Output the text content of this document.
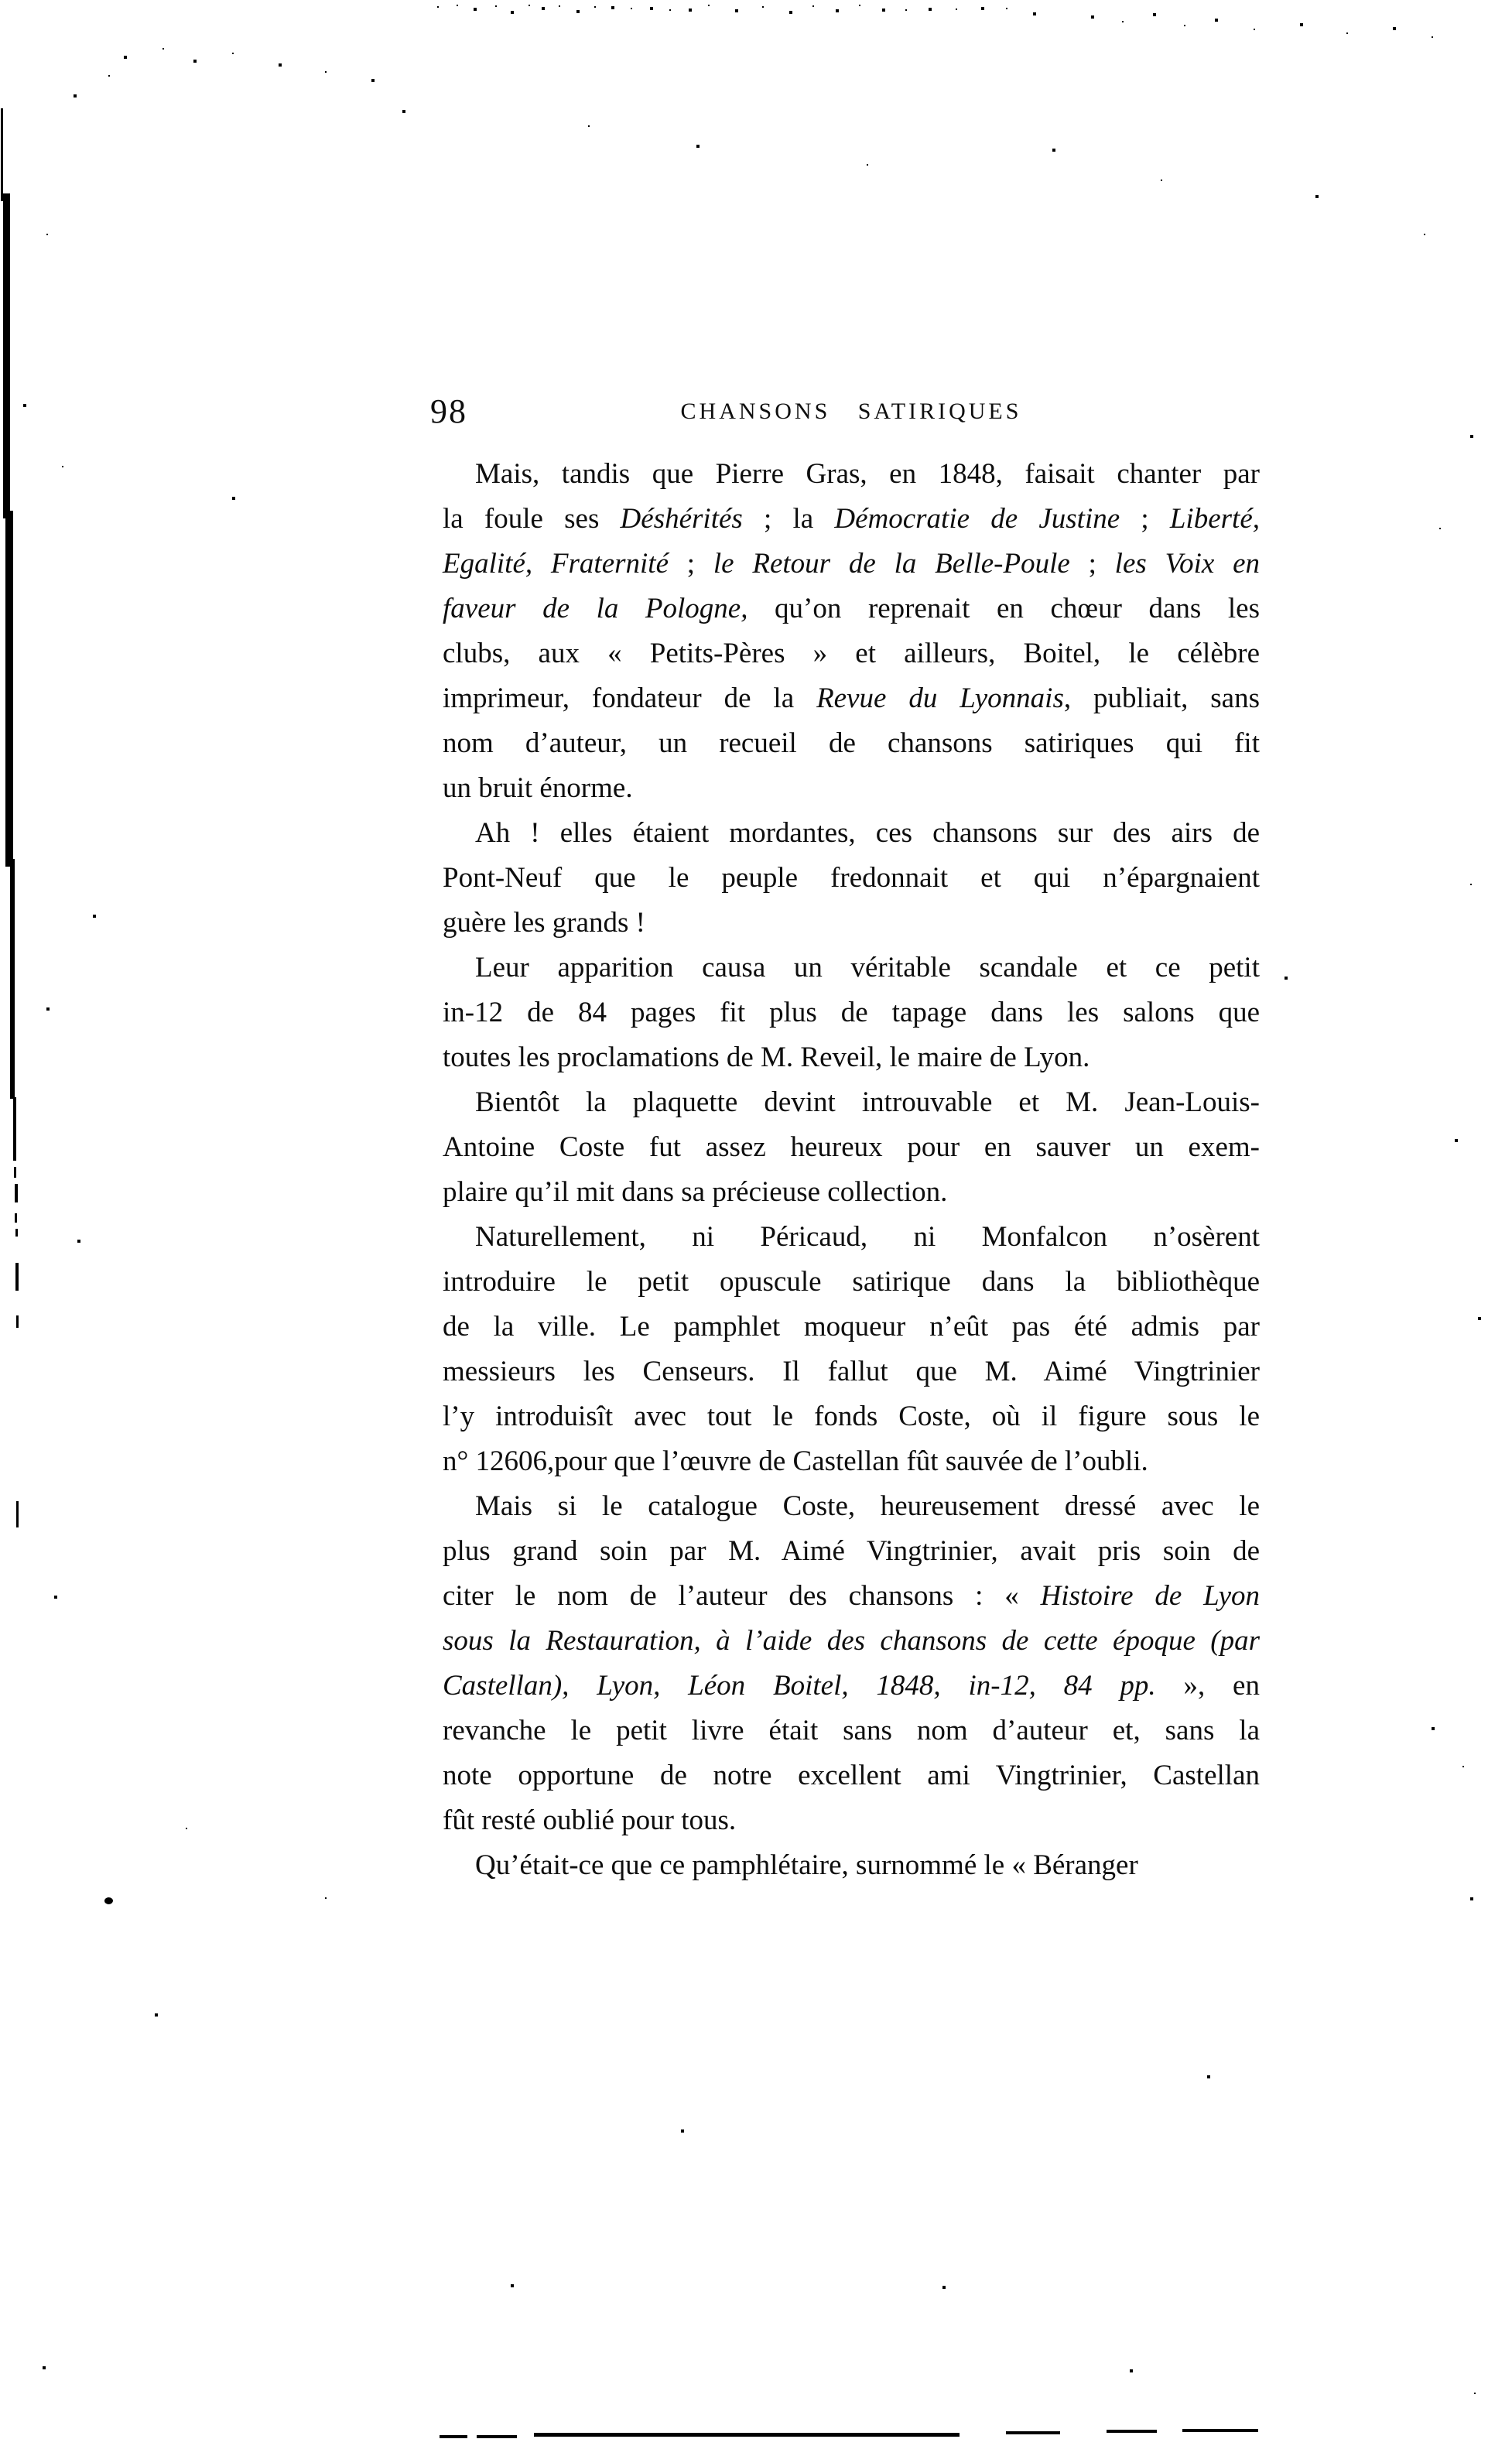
98	CHANSONS SATIRIQUES
Mais, tandis que Pierre Gras, en 1848, faisait chanter par
la foule ses Déshérités ; la Démocratie de Justine ; Liberté,
Egalité, Fraternité ; le Retour de la Belle-Poule ; les Voix en
faveur de la Pologne, qu’on reprenait en chœur dans les
clubs, aux « Petits-Pères » et ailleurs, Boitel, le célèbre
imprimeur, fondateur de la Revue du Lyonnais, publiait, sans
nom d’auteur, un recueil de chansons satiriques qui fit
un bruit énorme.
Ah ! elles étaient mordantes, ces chansons sur des airs de
Pont-Neuf que le peuple fredonnait et qui n’épargnaient
guère les grands !
Leur apparition causa un véritable scandale et ce petit
in-12 de 84 pages fit plus de tapage dans les salons que
toutes les proclamations de M. Reveil, le maire de Lyon.
Bientôt la plaquette devint introuvable et M. Jean-Louis-
Antoine Coste fut assez heureux pour en sauver un exem-
plaire qu’il mit dans sa précieuse collection.
Naturellement, ni Péricaud, ni Monfalcon n’osèrent
introduire le petit opuscule satirique dans la bibliothèque
de la ville. Le pamphlet moqueur n’eût pas été admis par
messieurs les Censeurs. Il fallut que M. Aimé Vingtrinier
l’y introduisît avec tout le fonds Coste, où il figure sous le
n° 12606,pour que l’œuvre de Castellan fût sauvée de l’oubli.
Mais si le catalogue Coste, heureusement dressé avec le
plus grand soin par M. Aimé Vingtrinier, avait pris soin de
citer le nom de l’auteur des chansons : « Histoire de Lyon
sous la Restauration, à l’aide des chansons de cette époque (par
Castellan), Lyon, Léon Boitel, 1848, in-12, 84 pp. », en
revanche le petit livre était sans nom d’auteur et, sans la
note opportune de notre excellent ami Vingtrinier, Castellan
fût resté oublié pour tous.
Qu’était-ce que ce pamphlétaire, surnommé le « Béranger
